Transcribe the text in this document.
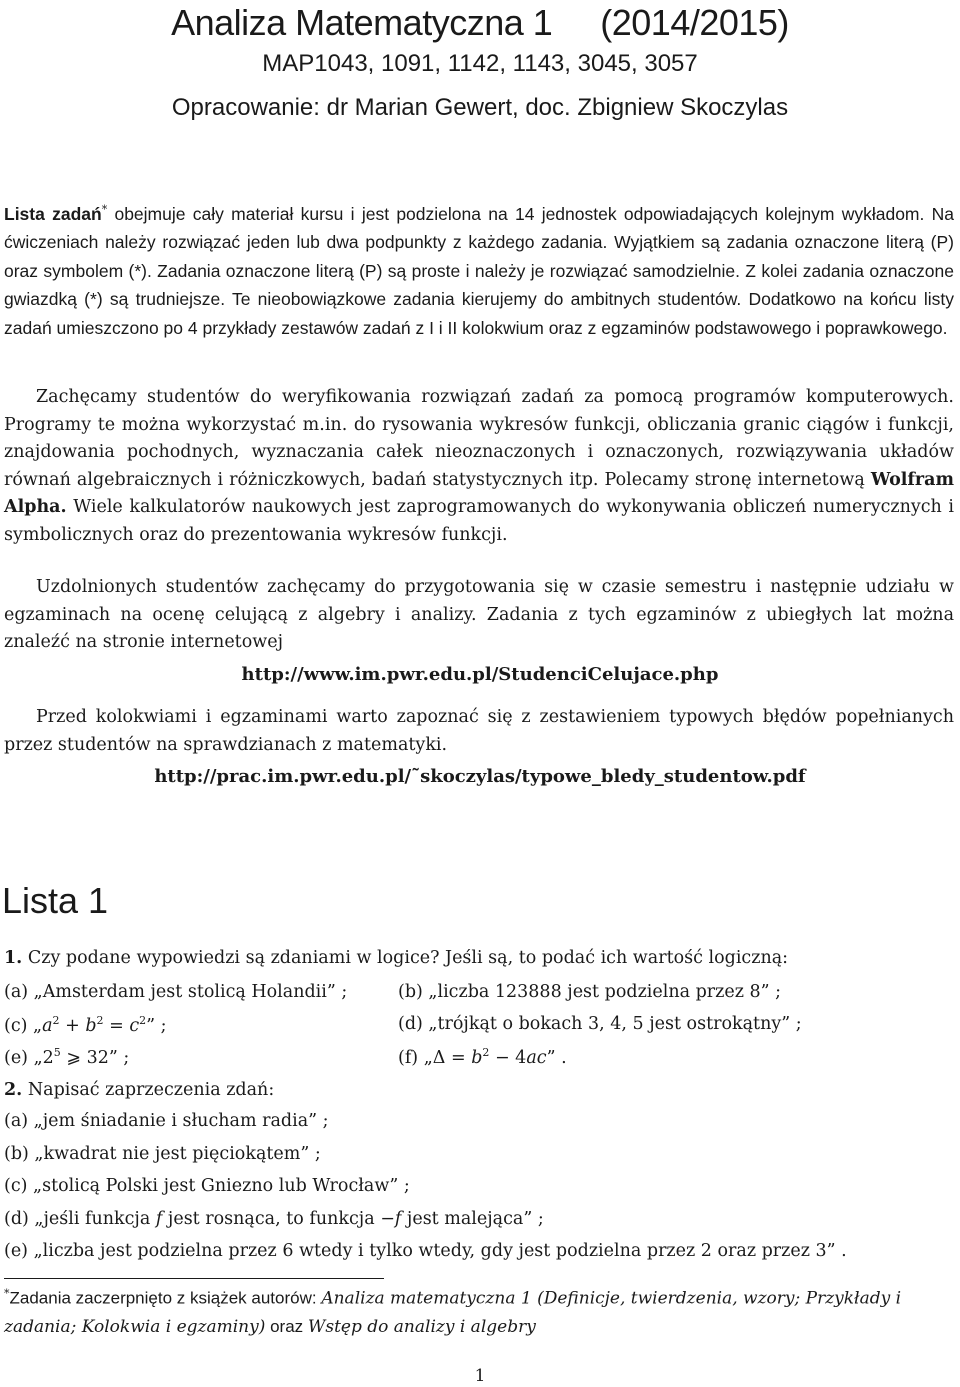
Analiza Matematyczna 1 (2014/2015)
MAP1043, 1091, 1142, 1143, 3045, 3057
Opracowanie: dr Marian Gewert, doc. Zbigniew Skoczylas

Lista zadań* obejmuje cały materiał kursu i jest podzielona na 14 jednostek odpowiadających kolejnym wykładom. Na ćwiczeniach należy rozwiązać jeden lub dwa podpunkty z każdego zadania. Wyjątkiem są zadania oznaczone literą (P) oraz symbolem (*). Zadania oznaczone literą (P) są proste i należy je rozwiązać samodzielnie. Z kolei zadania oznaczone gwiazdką (*) są trudniejsze. Te nieobowiązkowe zadania kierujemy do ambitnych studentów. Dodatkowo na końcu listy zadań umieszczono po 4 przykłady zestawów zadań z I i II kolokwium oraz z egzaminów podstawowego i poprawkowego.

Zachęcamy studentów do weryfikowania rozwiązań zadań za pomocą programów komputerowych. Programy te można wykorzystać m.in. do rysowania wykresów funkcji, obliczania granic ciągów i funkcji, znajdowania pochodnych, wyznaczania całek nieoznaczonych i oznaczonych, rozwiązywania układów równań algebraicznych i różniczkowych, badań statystycznych itp. Polecamy stronę internetową Wolfram Alpha. Wiele kalkulatorów naukowych jest zaprogramowanych do wykonywania obliczeń numerycznych i symbolicznych oraz do prezentowania wykresów funkcji.

Uzdolnionych studentów zachęcamy do przygotowania się w czasie semestru i następnie udziału w egzaminach na ocenę celującą z algebry i analizy. Zadania z tych egzaminów z ubiegłych lat można znaleźć na stronie internetowej

http://www.im.pwr.edu.pl/StudenciCelujace.php

Przed kolokwiami i egzaminami warto zapoznać się z zestawieniem typowych błędów popełnianych przez studentów na sprawdzianach z matematyki.

http://prac.im.pwr.edu.pl/˜skoczylas/typowe_bledy_studentow.pdf
Lista 1
1. Czy podane wypowiedzi są zdaniami w logice? Jeśli są, to podać ich wartość logiczną:
(a) „Amsterdam jest stolicą Holandii” ;	(b) „liczba 123888 jest podzielna przez 8” ;
(c) $„a^2 + b^2 = c^2$” ;	(d) „trójkąt o bokach 3, 4, 5 jest ostrokątny” ;
(e) $„2^5$ ⩾ 32” ;	(f) „Δ = $b^2 - 4ac$” .
2. Napisać zaprzeczenia zdań:
(a) „jem śniadanie i słucham radia” ;
(b) „kwadrat nie jest pięciokątem” ;
(c) „stolicą Polski jest Gniezno lub Wrocław” ;
(d) „jeśli funkcja f jest rosnąca, to funkcja −f jest malejąca” ;
(e) „liczba jest podzielna przez 6 wtedy i tylko wtedy, gdy jest podzielna przez 2 oraz przez 3” .
*Zadania zaczerpnięto z książek autorów: Analiza matematyczna 1 (Definicje, twierdzenia, wzory; Przykłady i zadania; Kolokwia i egzaminy) oraz Wstęp do analizy i algebry
1
